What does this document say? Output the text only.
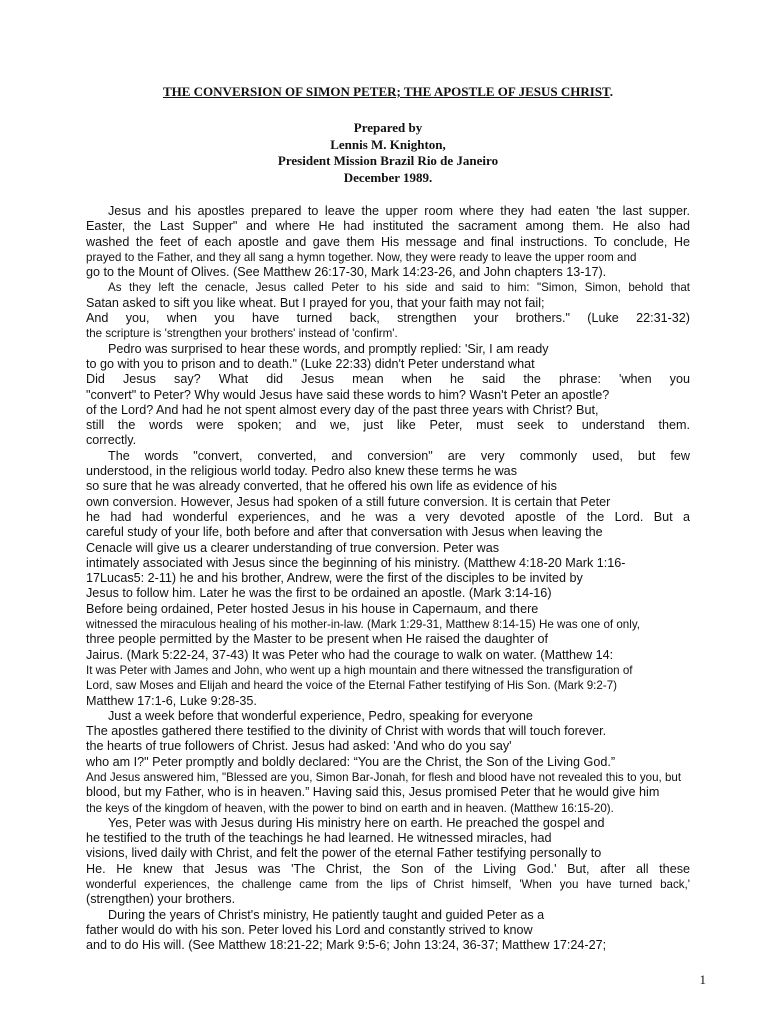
THE CONVERSION OF SIMON PETER; THE APOSTLE OF JESUS CHRIST.
Prepared by
Lennis M. Knighton,
President Mission Brazil Rio de Janeiro
December 1989.
Jesus and his apostles prepared to leave the upper room where they had eaten 'the last supper.
Easter, the Last Supper" and where He had instituted the sacrament among them. He also had
washed the feet of each apostle and gave them His message and final instructions. To conclude, He
prayed to the Father, and they all sang a hymn together. Now, they were ready to leave the upper room and
go to the Mount of Olives. (See Matthew 26:17-30, Mark 14:23-26, and John chapters 13-17).
As they left the cenacle, Jesus called Peter to his side and said to him: "Simon, Simon, behold that
Satan asked to sift you like wheat. But I prayed for you, that your faith may not fail;
And you, when you have turned back, strengthen your brothers." (Luke 22:31-32)
the scripture is 'strengthen your brothers' instead of 'confirm'.
Pedro was surprised to hear these words, and promptly replied: 'Sir, I am ready
to go with you to prison and to death." (Luke 22:33) didn't Peter understand what
Did Jesus say? What did Jesus mean when he said the phrase: 'when you
"convert" to Peter? Why would Jesus have said these words to him? Wasn't Peter an apostle?
of the Lord? And had he not spent almost every day of the past three years with Christ? But,
still the words were spoken; and we, just like Peter, must seek to understand them.
correctly.
The words "convert, converted, and conversion" are very commonly used, but few
understood, in the religious world today. Pedro also knew these terms he was
so sure that he was already converted, that he offered his own life as evidence of his
own conversion. However, Jesus had spoken of a still future conversion. It is certain that Peter
he had had wonderful experiences, and he was a very devoted apostle of the Lord. But a
careful study of your life, both before and after that conversation with Jesus when leaving the
Cenacle will give us a clearer understanding of true conversion. Peter was
intimately associated with Jesus since the beginning of his ministry. (Matthew 4:18-20 Mark 1:16-
17Lucas5: 2-11) he and his brother, Andrew, were the first of the disciples to be invited by
Jesus to follow him. Later he was the first to be ordained an apostle. (Mark 3:14-16)
Before being ordained, Peter hosted Jesus in his house in Capernaum, and there
witnessed the miraculous healing of his mother-in-law. (Mark 1:29-31, Matthew 8:14-15) He was one of only,
three people permitted by the Master to be present when He raised the daughter of
Jairus. (Mark 5:22-24, 37-43) It was Peter who had the courage to walk on water. (Matthew 14:
It was Peter with James and John, who went up a high mountain and there witnessed the transfiguration of
Lord, saw Moses and Elijah and heard the voice of the Eternal Father testifying of His Son. (Mark 9:2-7)
Matthew 17:1-6, Luke 9:28-35.
Just a week before that wonderful experience, Pedro, speaking for everyone
The apostles gathered there testified to the divinity of Christ with words that will touch forever.
the hearts of true followers of Christ. Jesus had asked: 'And who do you say'
who am I?" Peter promptly and boldly declared: “You are the Christ, the Son of the Living God.”
And Jesus answered him, "Blessed are you, Simon Bar-Jonah, for flesh and blood have not revealed this to you, but
blood, but my Father, who is in heaven.” Having said this, Jesus promised Peter that he would give him
the keys of the kingdom of heaven, with the power to bind on earth and in heaven. (Matthew 16:15-20).
Yes, Peter was with Jesus during His ministry here on earth. He preached the gospel and
he testified to the truth of the teachings he had learned. He witnessed miracles, had
visions, lived daily with Christ, and felt the power of the eternal Father testifying personally to
He. He knew that Jesus was 'The Christ, the Son of the Living God.' But, after all these
wonderful experiences, the challenge came from the lips of Christ himself, 'When you have turned back,'
(strengthen) your brothers.
During the years of Christ's ministry, He patiently taught and guided Peter as a
father would do with his son. Peter loved his Lord and constantly strived to know
and to do His will. (See Matthew 18:21-22; Mark 9:5-6; John 13:24, 36-37; Matthew 17:24-27;
1
